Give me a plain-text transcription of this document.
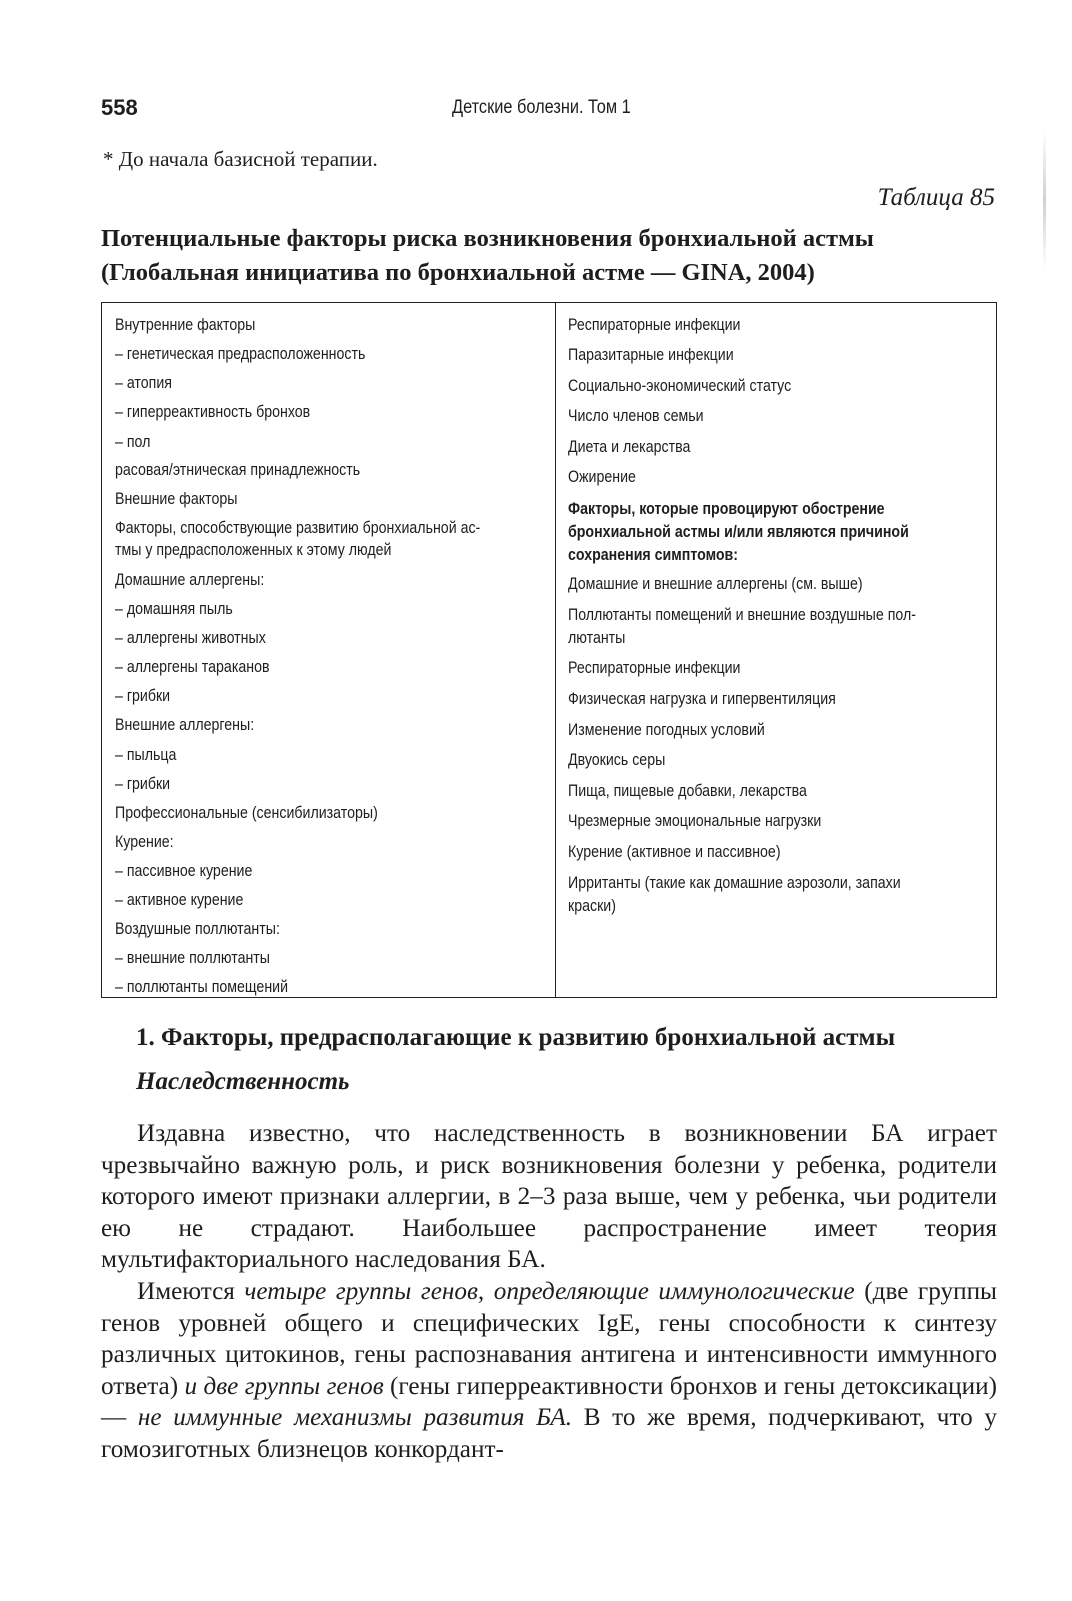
558	Детские болезни. Том 1
* До начала базисной терапии.
Таблица 85
Потенциальные факторы риска возникновения бронхиальной астмы
(Глобальная инициатива по бронхиальной астме — GINA, 2004)
Внутренние факторы
– генетическая предрасположенность
– атопия
– гиперреактивность бронхов
– пол
расовая/этническая принадлежность
Внешние факторы
Факторы, способствующие развитию бронхиальной ас-
тмы у предрасположенных к этому людей
Домашние аллергены:
– домашняя пыль
– аллергены животных
– аллергены тараканов
– грибки
Внешние аллергены:
– пыльца
– грибки
Профессиональные (сенсибилизаторы)
Курение:
– пассивное курение
– активное курение
Воздушные поллютанты:
– внешние поллютанты
– поллютанты помещений
Респираторные инфекции
Паразитарные инфекции
Социально-экономический статус
Число членов семьи
Диета и лекарства
Ожирение
Факторы, которые провоцируют обострение
бронхиальной астмы и/или являются причиной
сохранения симптомов:
Домашние и внешние аллергены (см. выше)
Поллютанты помещений и внешние воздушные пол-
лютанты
Респираторные инфекции
Физическая нагрузка и гипервентиляция
Изменение погодных условий
Двуокись серы
Пища, пищевые добавки, лекарства
Чрезмерные эмоциональные нагрузки
Курение (активное и пассивное)
Ирританты (такие как домашние аэрозоли, запахи
краски)
1. Факторы, предрасполагающие к развитию бронхиальной астмы
Наследственность

Издавна известно, что наследственность в возникновении БА играет чрезвычайно важную роль, и риск возникновения болезни у ребенка, родители которого имеют признаки аллергии, в 2–3 раза выше, чем у ребенка, чьи родители ею не страдают. Наибольшее распространение имеет теория мультифакториального наследования БА.

Имеются четыре группы генов, определяющие иммунологические (две группы генов уровней общего и специфических IgE, гены способности к синтезу различных цитокинов, гены распознавания антигена и интенсивности иммунного ответа) и две группы генов (гены гиперреактивности бронхов и гены детоксикации) — не иммунные механизмы развития БА. В то же время, подчеркивают, что у гомозиготных близнецов конкордант-
